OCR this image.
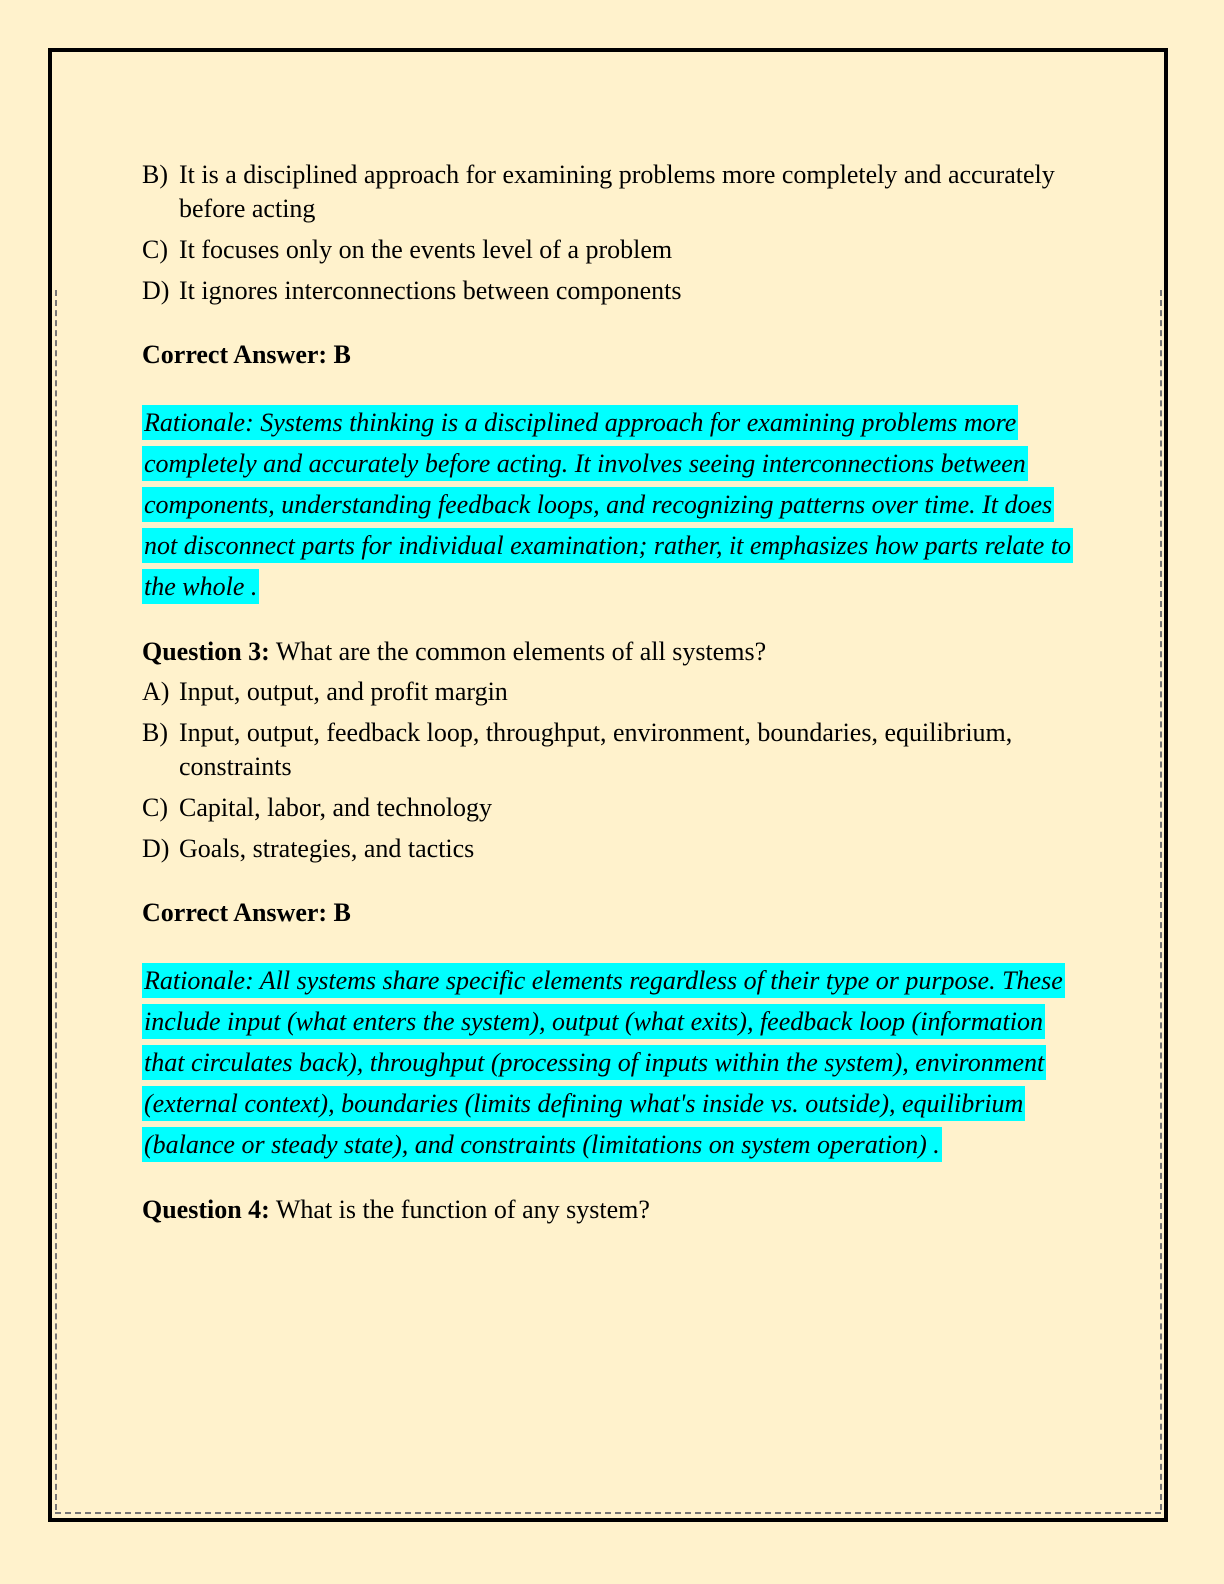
B) It is a disciplined approach for examining problems more completely and accurately before acting
C) It focuses only on the events level of a problem
D) It ignores interconnections between components
Correct Answer: B
Rationale: Systems thinking is a disciplined approach for examining problems more completely and accurately before acting. It involves seeing interconnections between components, understanding feedback loops, and recognizing patterns over time. It does not disconnect parts for individual examination; rather, it emphasizes how parts relate to the whole .
Question 3: What are the common elements of all systems?
A) Input, output, and profit margin
B) Input, output, feedback loop, throughput, environment, boundaries, equilibrium, constraints
C) Capital, labor, and technology
D) Goals, strategies, and tactics
Correct Answer: B
Rationale: All systems share specific elements regardless of their type or purpose. These include input (what enters the system), output (what exits), feedback loop (information that circulates back), throughput (processing of inputs within the system), environment (external context), boundaries (limits defining what's inside vs. outside), equilibrium (balance or steady state), and constraints (limitations on system operation) .
Question 4: What is the function of any system?
